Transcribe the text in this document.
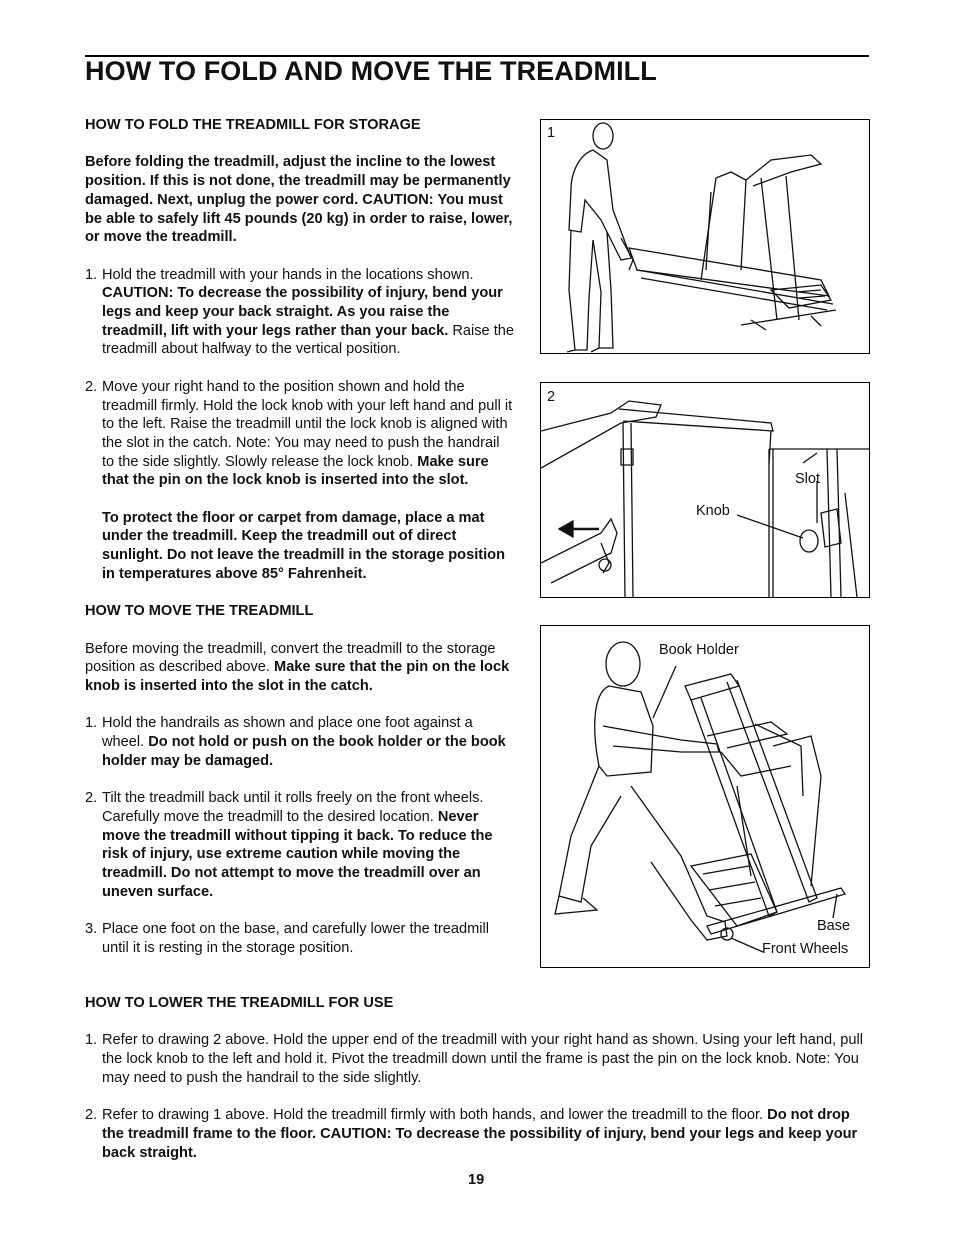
HOW TO FOLD AND MOVE THE TREADMILL
HOW TO FOLD THE TREADMILL FOR STORAGE

Before folding the treadmill, adjust the incline to the lowest position. If this is not done, the treadmill may be permanently damaged. Next, unplug the power cord. CAUTION: You must be able to safely lift 45 pounds (20 kg) in order to raise, lower, or move the treadmill.

1. Hold the treadmill with your hands in the locations shown. CAUTION: To decrease the possibility of injury, bend your legs and keep your back straight. As you raise the treadmill, lift with your legs rather than your back. Raise the treadmill about halfway to the vertical position.
2. Move your right hand to the position shown and hold the treadmill firmly. Hold the lock knob with your left hand and pull it to the left. Raise the treadmill until the lock knob is aligned with the slot in the catch. Note: You may need to push the handrail to the side slightly. Slowly release the lock knob. Make sure that the pin on the lock knob is inserted into the slot.

To protect the floor or carpet from damage, place a mat under the treadmill. Keep the treadmill out of direct sunlight. Do not leave the treadmill in the storage position in temperatures above 85° Fahrenheit.

HOW TO MOVE THE TREADMILL

Before moving the treadmill, convert the treadmill to the storage position as described above. Make sure that the pin on the lock knob is inserted into the slot in the catch.

1. Hold the handrails as shown and place one foot against a wheel. Do not hold or push on the book holder or the book holder may be damaged.
2. Tilt the treadmill back until it rolls freely on the front wheels. Carefully move the treadmill to the desired location. Never move the treadmill without tipping it back. To reduce the risk of injury, use extreme caution while moving the treadmill. Do not attempt to move the treadmill over an uneven surface.
3. Place one foot on the base, and carefully lower the treadmill until it is resting in the storage position.
HOW TO LOWER THE TREADMILL FOR USE
1. Refer to drawing 2 above. Hold the upper end of the treadmill with your right hand as shown. Using your left hand, pull the lock knob to the left and hold it. Pivot the treadmill down until the frame is past the pin on the lock knob. Note: You may need to push the handrail to the side slightly.
2. Refer to drawing 1 above. Hold the treadmill firmly with both hands, and lower the treadmill to the floor. Do not drop the treadmill frame to the floor. CAUTION: To decrease the possibility of injury, bend your legs and keep your back straight.
1
2
Knob
Slot
Book Holder
Base
Front Wheels
19
